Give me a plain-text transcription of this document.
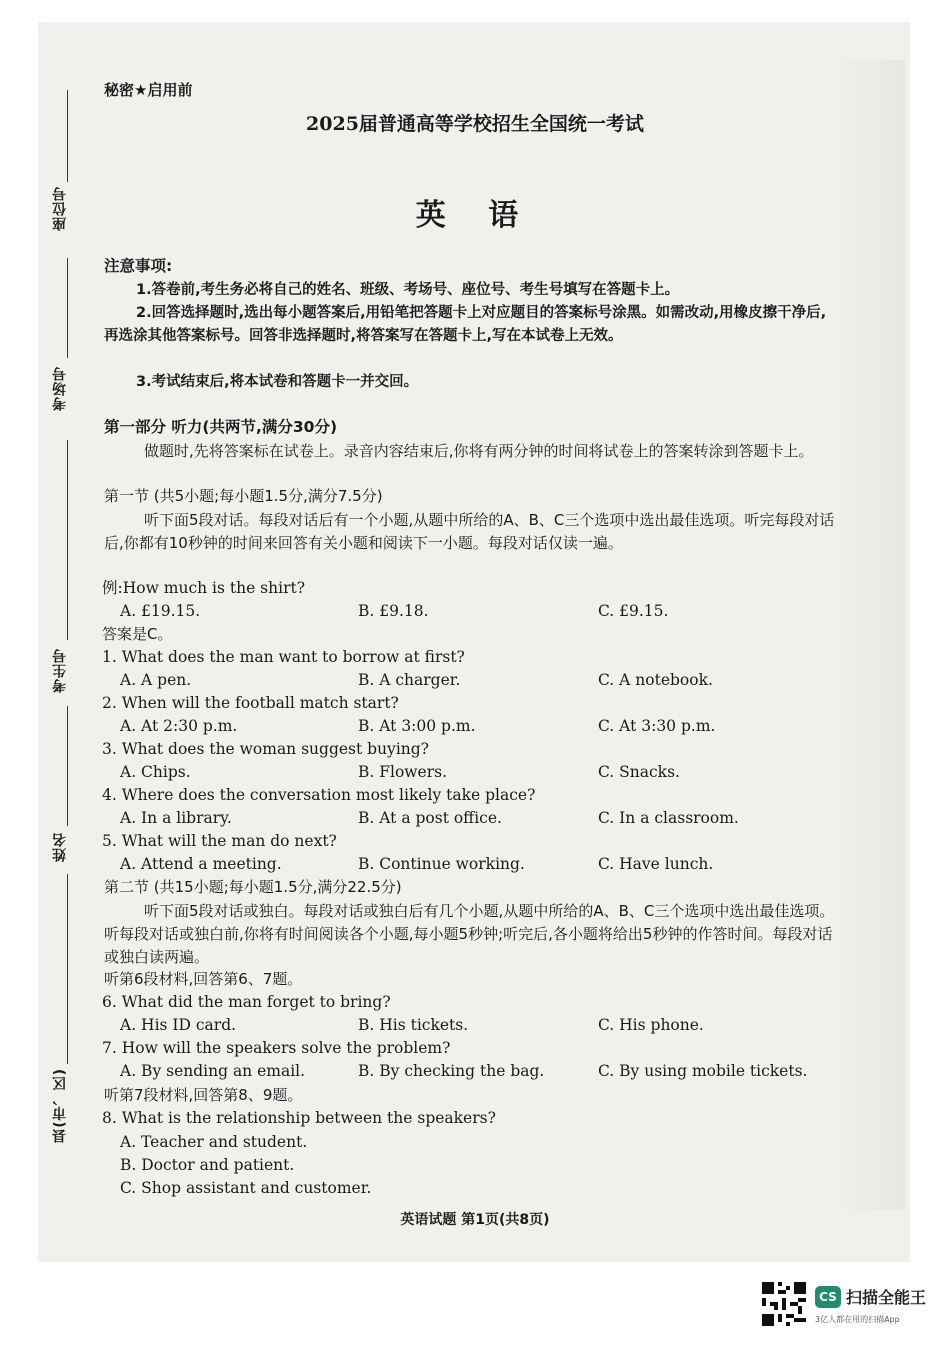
座位号
考场号
考生号
姓名
县(市、区)
秘密★启用前
2025届普通高等学校招生全国统一考试
英 语
注意事项:
1.答卷前,考生务必将自己的姓名、班级、考场号、座位号、考生号填写在答题卡上。
2.回答选择题时,选出每小题答案后,用铅笔把答题卡上对应题目的答案标号涂黑。如需改动,用橡皮擦干净后,再选涂其他答案标号。回答非选择题时,将答案写在答题卡上,写在本试卷上无效。
3.考试结束后,将本试卷和答题卡一并交回。
第一部分 听力(共两节,满分30分)
做题时,先将答案标在试卷上。录音内容结束后,你将有两分钟的时间将试卷上的答案转涂到答题卡上。
第一节 (共5小题;每小题1.5分,满分7.5分)
听下面5段对话。每段对话后有一个小题,从题中所给的A、B、C三个选项中选出最佳选项。听完每段对话后,你都有10秒钟的时间来回答有关小题和阅读下一小题。每段对话仅读一遍。
例:How much is the shirt?
A. £19.15.	B. £9.18.	C. £9.15.
答案是C。
1. What does the man want to borrow at first?
A. A pen.	B. A charger.	C. A notebook.
2. When will the football match start?
A. At 2:30 p.m.	B. At 3:00 p.m.	C. At 3:30 p.m.
3. What does the woman suggest buying?
A. Chips.	B. Flowers.	C. Snacks.
4. Where does the conversation most likely take place?
A. In a library.	B. At a post office.	C. In a classroom.
5. What will the man do next?
A. Attend a meeting.	B. Continue working.	C. Have lunch.
第二节 (共15小题;每小题1.5分,满分22.5分)
听下面5段对话或独白。每段对话或独白后有几个小题,从题中所给的A、B、C三个选项中选出最佳选项。听每段对话或独白前,你将有时间阅读各个小题,每小题5秒钟;听完后,各小题将给出5秒钟的作答时间。每段对话或独白读两遍。
听第6段材料,回答第6、7题。
6. What did the man forget to bring?
A. His ID card.	B. His tickets.	C. His phone.
7. How will the speakers solve the problem?
A. By sending an email.	B. By checking the bag.	C. By using mobile tickets.
听第7段材料,回答第8、9题。
8. What is the relationship between the speakers?
A. Teacher and student.
B. Doctor and patient.
C. Shop assistant and customer.
英语试题 第1页(共8页)
CS 扫描全能王
3亿人都在用的扫描App
